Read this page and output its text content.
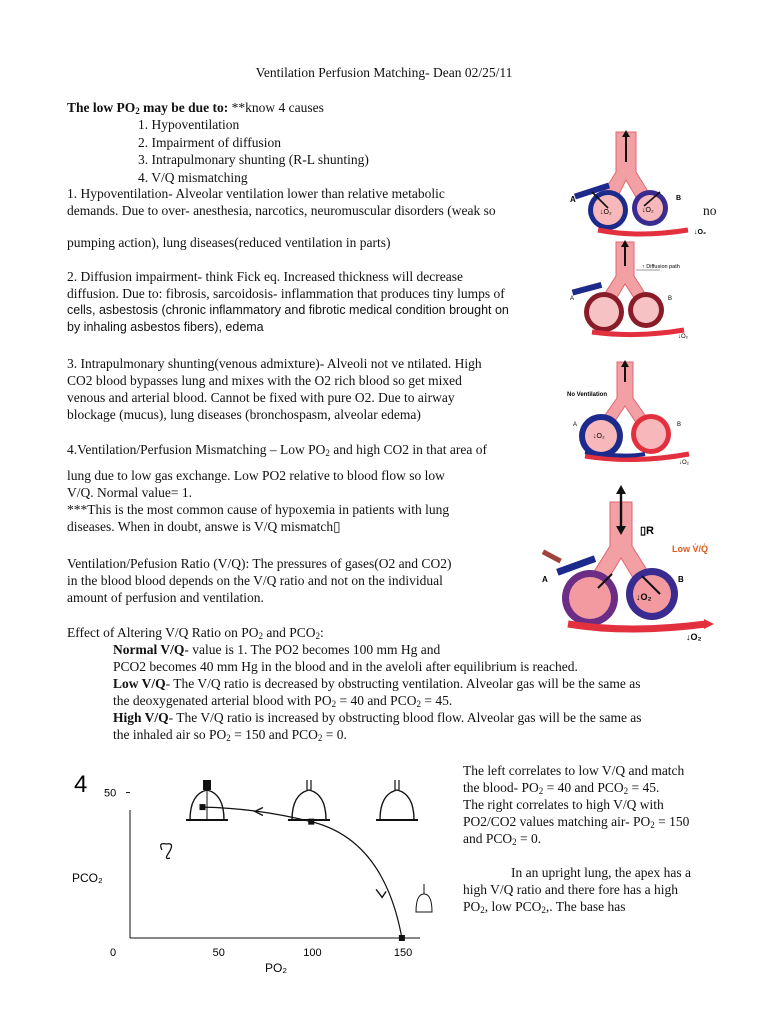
Ventilation Perfusion Matching- Dean 02/25/11
The low $PO_2$ may be due to: **know 4 causes
1. Hypoventilation
2. Impairment of diffusion
3. Intrapulmonary shunting (R-L shunting)
4. V/Q mismatching
1. Hypoventilation- Alveolar ventilation lower than relative metabolic
demands. Due to over- anesthesia, narcotics, neuromuscular disorders (weak so	no
pumping action), lung diseases(reduced ventilation in parts)
2. Diffusion impairment- think Fick eq. Increased thickness will decrease
diffusion. Due to: fibrosis, sarcoidosis- inflammation that produces tiny lumps of
cells, asbestosis (chronic inflammatory and fibrotic medical condition brought on
by inhaling asbestos fibers), edema
3. Intrapulmonary shunting(venous admixture)- Alveoli not ve ntilated. High
CO2 blood bypasses lung and mixes with the O2 rich blood so get mixed
venous and arterial blood. Cannot be fixed with pure O2. Due to airway
blockage (mucus), lung diseases (bronchospasm, alveolar edema)
4.Ventilation/Perfusion Mismatching – Low $PO_2$ and high CO2 in that area of
lung due to low gas exchange. Low PO2 relative to blood flow so low
V/Q. Normal value= 1.
***This is the most common cause of hypoxemia in patients with lung
diseases. When in doubt, answe is V/Q mismatch▯
Ventilation/Pefusion Ratio (V/Q): The pressures of gases(O2 and CO2)
in the blood blood depends on the V/Q ratio and not on the individual
amount of perfusion and ventilation.
Effect of Altering V/Q Ratio on $PO_2$ and $PCO_2$:
Normal V/Q- value is 1. The PO2 becomes 100 mm Hg and
PCO2 becomes 40 mm Hg in the blood and in the aveloli after equilibrium is reached.
Low V/Q- The V/Q ratio is decreased by obstructing ventilation. Alveolar gas will be the same as
the deoxygenated arterial blood with $PO_2 = 40$ and $PCO_2 = 45$.
High V/Q- The V/Q ratio is increased by obstructing blood flow. Alveolar gas will be the same as
the inhaled air so $PO_2 = 150$ and $PCO_2 = 0$.
The left correlates to low V/Q and match
the blood- $PO_2 = 40$ and $PCO_2 = 45$.
The right correlates to high V/Q with
PO2/CO2 values matching air- $PO_2 = 150$
and $PCO_2 = 0$.
In an upright lung, the apex has a
high V/Q ratio and there fore has a high
$PO_2$, low $PCO_2$,. The base has
A	B
↓O₂	↓O₂
↓O₂
↑ Diffusion path
A	B
↓O₂
No Ventilation
A	B
↓O₂
↓O₂
▯R
Low V̇/Q̇
A	B
↓O₂
↓O₂
4
PCO₂
PO₂
0	50	100	150
50
